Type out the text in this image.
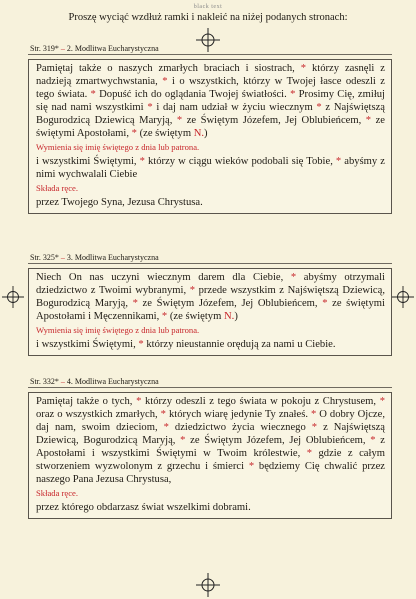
black text
Proszę wyciąć wzdłuż ramki i nakleić na niżej podanych stronach:
Str. 319* – 2. Modlitwa Eucharystyczna
Pamiętaj także o naszych zmarłych braciach i siostrach, * którzy zasnęli z nadzieją zmartwychwstania, * i o wszystkich, którzy w Twojej łasce odeszli z tego świata. * Dopuść ich do oglądania Twojej światłości. * Prosimy Cię, zmiłuj się nad nami wszystkimi * i daj nam udział w życiu wiecznym * z Najświętszą Bogurodzicą Dziewicą Maryją, * ze Świętym Józefem, Jej Oblubieńcem, * ze świętymi Apostołami, * (ze świętym N.)
Wymienia się imię świętego z dnia lub patrona.
i wszystkimi Świętymi, * którzy w ciągu wieków podobali się Tobie, * abyśmy z nimi wychwalali Ciebie
Składa ręce.
przez Twojego Syna, Jezusa Chrystusa.
Str. 325* – 3. Modlitwa Eucharystyczna
Niech On nas uczyni wiecznym darem dla Ciebie, * abyśmy otrzymali dziedzictwo z Twoimi wybranymi, * przede wszystkim z Najświętszą Dziewicą, Bogurodzicą Maryją, * ze Świętym Józefem, Jej Oblubieńcem, * ze świętymi Apostołami i Męczennikami, * (ze świętym N.)
Wymienia się imię świętego z dnia lub patrona.
i wszystkimi Świętymi, * którzy nieustannie orędują za nami u Ciebie.
Str. 332* – 4. Modlitwa Eucharystyczna
Pamiętaj także o tych, * którzy odeszli z tego świata w pokoju z Chrystusem, * oraz o wszystkich zmarłych, * których wiarę jedynie Ty znałeś. * O dobry Ojcze, daj nam, swoim dzieciom, * dziedzictwo życia wiecznego * z Najświętszą Dziewicą, Bogurodzicą Maryją, * ze Świętym Józefem, Jej Oblubieńcem, * z Apostołami i wszystkimi Świętymi w Twoim królestwie, * gdzie z całym stworzeniem wyzwolonym z grzechu i śmierci * będziemy Cię chwalić przez naszego Pana Jezusa Chrystusa,
Składa ręce.
przez którego obdarzasz świat wszelkimi dobrami.
